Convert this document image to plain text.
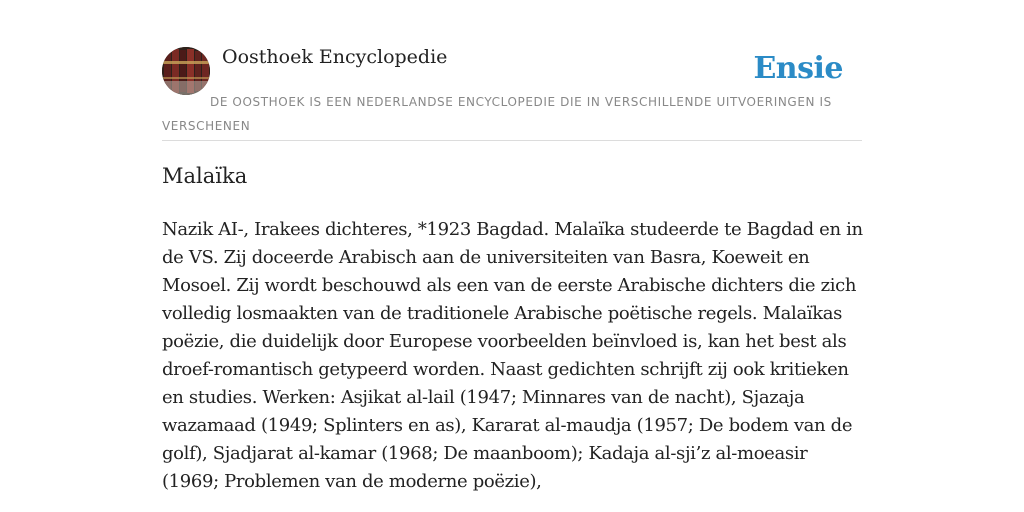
Oosthoek Encyclopedie	Ensie
DE OOSTHOEK IS EEN NEDERLANDSE ENCYCLOPEDIE DIE IN VERSCHILLENDE UITVOERINGEN IS VERSCHENEN
Malaïka

Nazik AI-, Irakees dichteres, *1923 Bagdad. Malaïka studeerde te Bagdad en in de VS. Zij doceerde Arabisch aan de universiteiten van Basra, Koeweit en Mosoel. Zij wordt beschouwd als een van de eerste Arabische dichters die zich volledig losmaakten van de traditionele Arabische poëtische regels. Malaïkas poëzie, die duidelijk door Europese voorbeelden beïnvloed is, kan het best als droef-romantisch getypeerd worden. Naast gedichten schrijft zij ook kritieken en studies. Werken: Asjikat al-lail (1947; Minnares van de nacht), Sjazaja wazamaad (1949; Splinters en as), Kararat al-maudja (1957; De bodem van de golf), Sjadjarat al-kamar (1968; De maanboom); Kadaja al-sji’z al-moeasir (1969; Problemen van de moderne poëzie),
